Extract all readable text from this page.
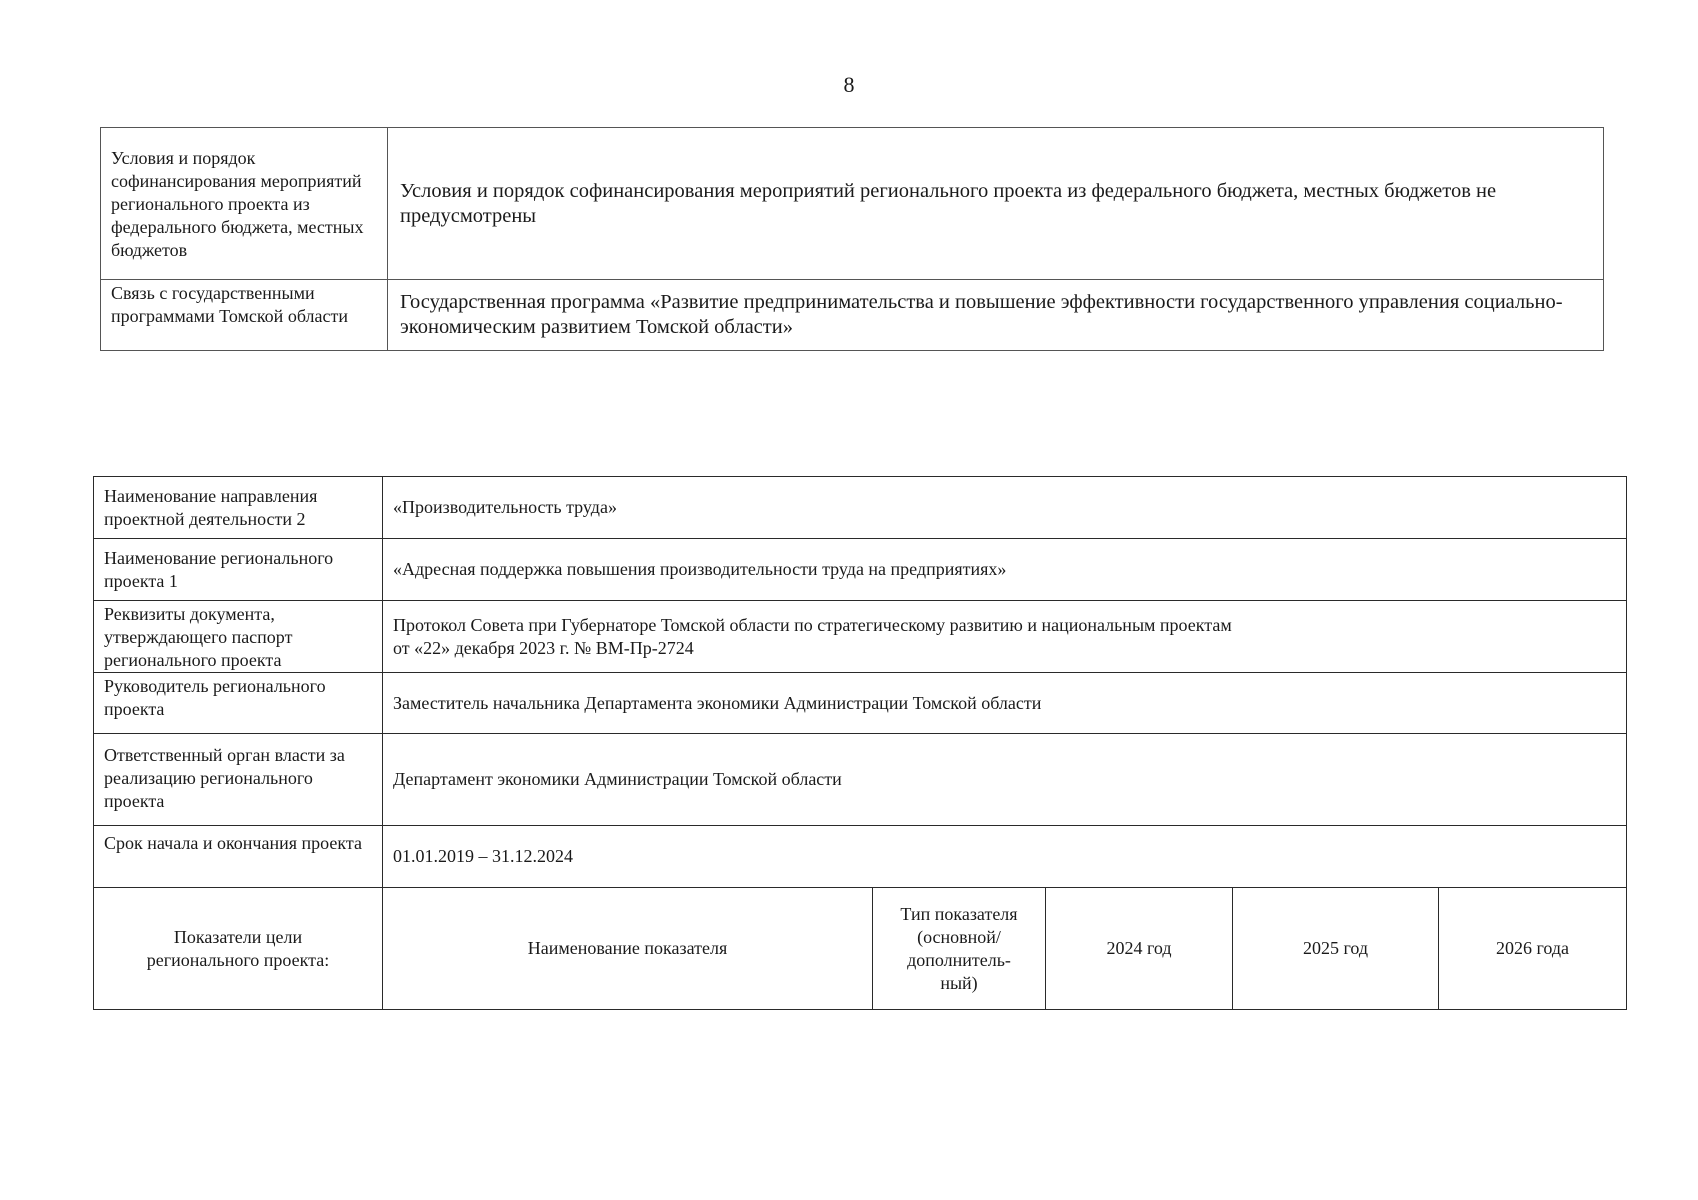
8
Условия и порядок софинансирования мероприятий регионального проекта из федерального бюджета, местных бюджетов	Условия и порядок софинансирования мероприятий регионального проекта из федерального бюджета, местных бюджетов не предусмотрены
Связь с государственными программами Томской области	Государственная программа «Развитие предпринимательства и повышение эффективности государственного управления социально-экономическим развитием Томской области»
Наименование направления проектной деятельности 2	«Производительность труда»				
Наименование регионального проекта 1	«Адресная поддержка повышения производительности труда на предприятиях»				
Реквизиты документа, утверждающего паспорт регионального проекта	Протокол Совета при Губернаторе Томской области по стратегическому развитию и национальным проектам
от «22» декабря 2023 г. № ВМ-Пр-2724				

Руководитель регионального проекта	Заместитель начальника Департамента экономики Администрации Томской области				
Ответственный орган власти за реализацию регионального проекта	Департамент экономики Администрации Томской области				
Срок начала и окончания проекта	01.01.2019 – 31.12.2024				
Показатели цели регионального проекта:	Наименование показателя	Тип показателя (основной/ дополнитель-ный)	2024 год	2025 год	2026 года
